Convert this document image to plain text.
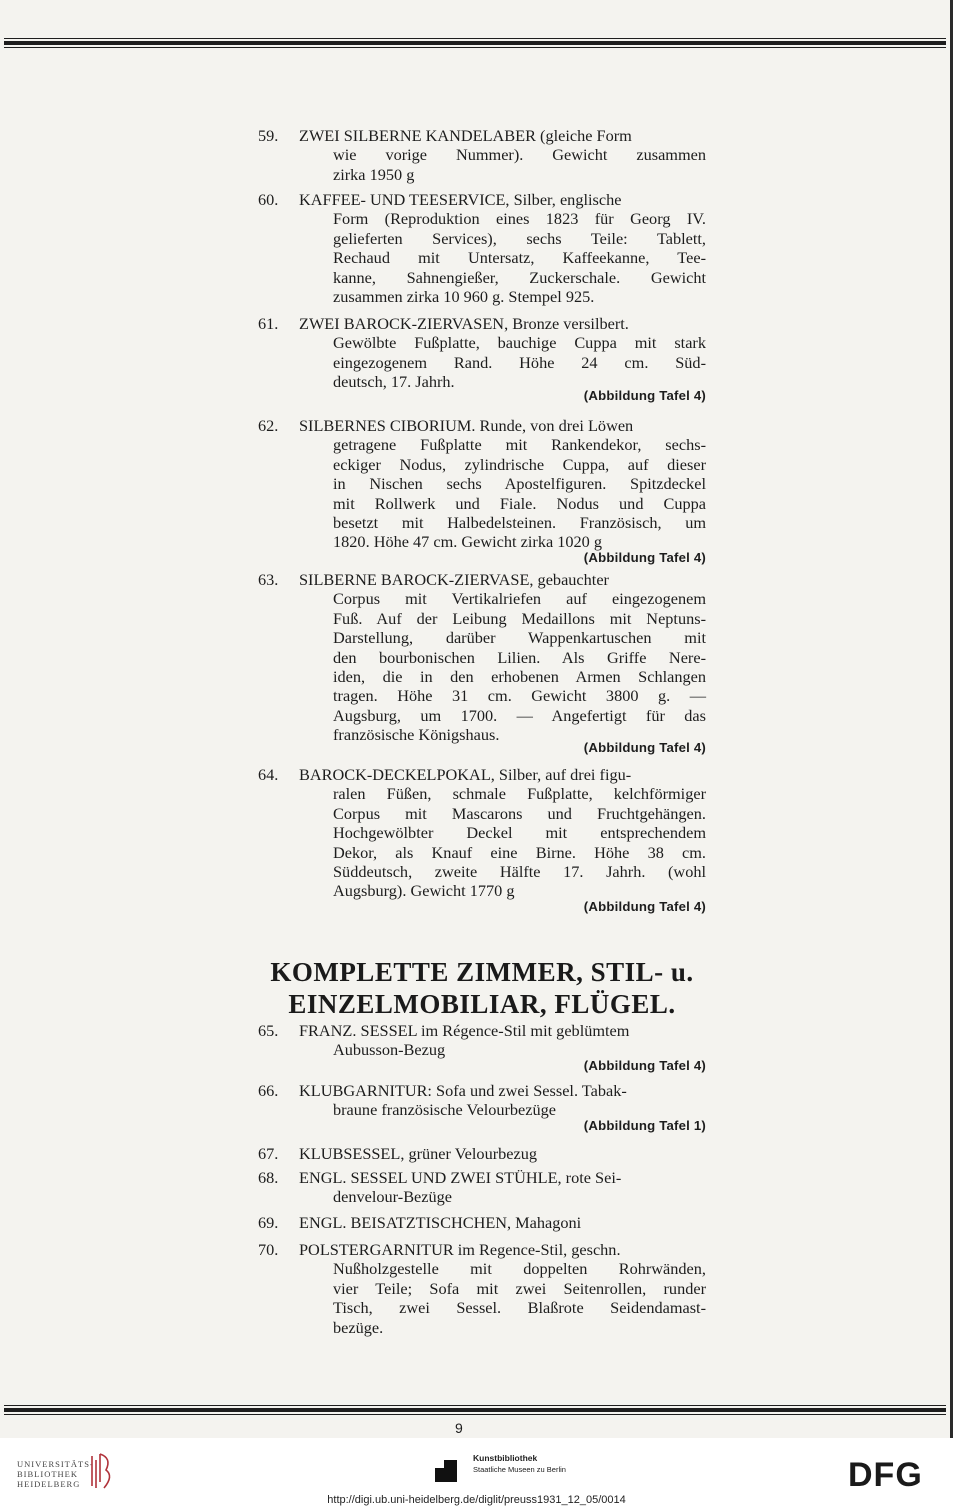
59. ZWEI SILBERNE KANDELABER (gleiche Form
wie vorige Nummer). Gewicht zusammen
zirka 1950 g
60. KAFFEE- UND TEESERVICE, Silber, englische
Form (Reproduktion eines 1823 für Georg IV.
gelieferten Services), sechs Teile: Tablett,
Rechaud mit Untersatz, Kaffeekanne, Tee-
kanne, Sahnengießer, Zuckerschale. Gewicht
zusammen zirka 10 960 g. Stempel 925.
61. ZWEI BAROCK-ZIERVASEN, Bronze versilbert.
Gewölbte Fußplatte, bauchige Cuppa mit stark
eingezogenem Rand. Höhe 24 cm. Süd-
deutsch, 17. Jahrh.
(Abbildung Tafel 4)
62. SILBERNES CIBORIUM. Runde, von drei Löwen
getragene Fußplatte mit Rankendekor, sechs-
eckiger Nodus, zylindrische Cuppa, auf dieser
in Nischen sechs Apostelfiguren. Spitzdeckel
mit Rollwerk und Fiale. Nodus und Cuppa
besetzt mit Halbedelsteinen. Französisch, um
1820. Höhe 47 cm. Gewicht zirka 1020 g
(Abbildung Tafel 4)
63. SILBERNE BAROCK-ZIERVASE, gebauchter
Corpus mit Vertikalriefen auf eingezogenem
Fuß. Auf der Leibung Medaillons mit Neptuns-
Darstellung, darüber Wappenkartuschen mit
den bourbonischen Lilien. Als Griffe Nere-
iden, die in den erhobenen Armen Schlangen
tragen. Höhe 31 cm. Gewicht 3800 g. —
Augsburg, um 1700. — Angefertigt für das
französische Königshaus.
(Abbildung Tafel 4)
64. BAROCK-DECKELPOKAL, Silber, auf drei figu-
ralen Füßen, schmale Fußplatte, kelchförmiger
Corpus mit Mascarons und Fruchtgehängen.
Hochgewölbter Deckel mit entsprechendem
Dekor, als Knauf eine Birne. Höhe 38 cm.
Süddeutsch, zweite Hälfte 17. Jahrh. (wohl
Augsburg). Gewicht 1770 g
(Abbildung Tafel 4)
KOMPLETTE ZIMMER, STIL- u.
EINZELMOBILIAR, FLÜGEL.
65. FRANZ. SESSEL im Régence-Stil mit geblümtem
Aubusson-Bezug
(Abbildung Tafel 4)
66. KLUBGARNITUR: Sofa und zwei Sessel. Tabak-
braune französische Velourbezüge
(Abbildung Tafel 1)
67. KLUBSESSEL, grüner Velourbezug
68. ENGL. SESSEL UND ZWEI STÜHLE, rote Sei-
denvelour-Bezüge
69. ENGL. BEISATZTISCHCHEN, Mahagoni
70. POLSTERGARNITUR im Regence-Stil, geschn.
Nußholzgestelle mit doppelten Rohrwänden,
vier Teile; Sofa mit zwei Seitenrollen, runder
Tisch, zwei Sessel. Blaßrote Seidendamast-
bezüge.
9
UNIVERSITÄTS-
BIBLIOTHEK
HEIDELBERG
Kunstbibliothek
Staatliche Museen zu Berlin	DFG
http://digi.ub.uni-heidelberg.de/diglit/preuss1931_12_05/0014
